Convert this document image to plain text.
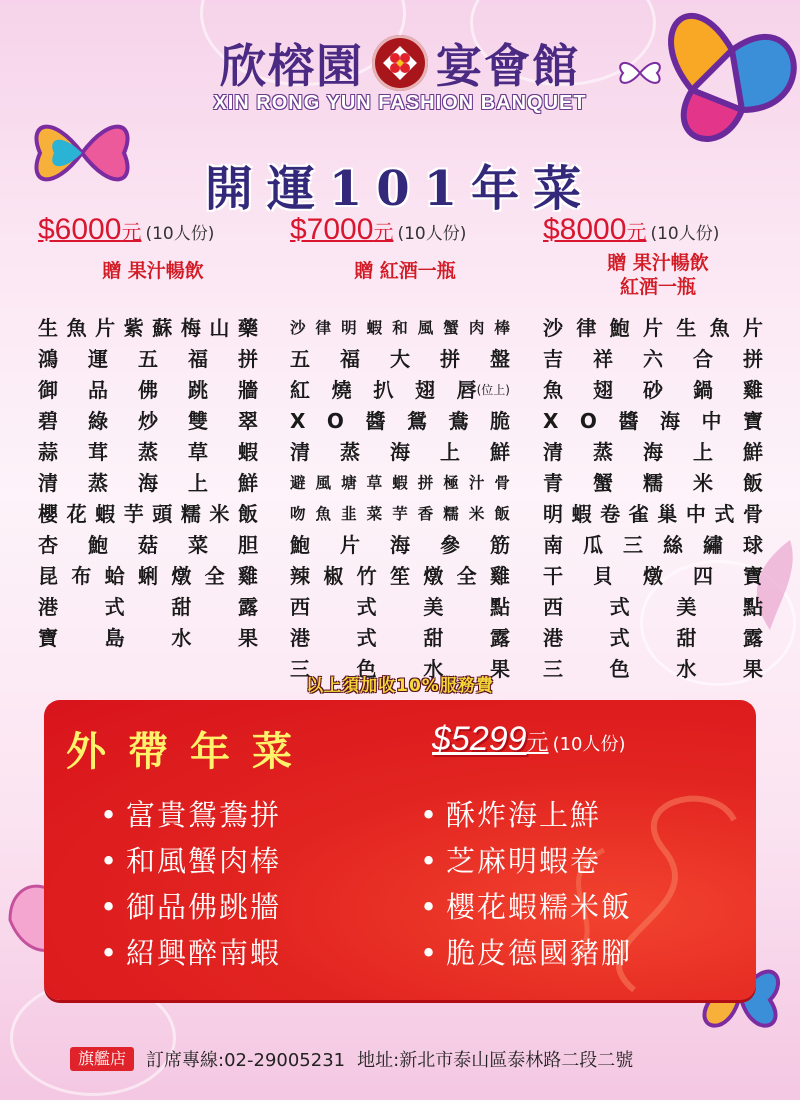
欣榕園 宴會館
XIN RONG YUN FASHION BANQUET
開運101年菜
$6000元 (10人份)
贈 果汁暢飲
生 魚 片 紫 蘇 梅 山 藥
鴻 運 五 福 拼
御 品 佛 跳 牆
碧 綠 炒 雙 翠
蒜 茸 蒸 草 蝦
清 蒸 海 上 鮮
櫻 花 蝦 芋 頭 糯 米 飯
杏 鮑 菇 菜 胆
昆 布 蛤 蜊 燉 全 雞
港 式 甜 露
寶 島 水 果
$7000元 (10人份)
贈 紅酒一瓶
沙 律 明 蝦 和 風 蟹 肉 棒
五 福 大 拼 盤
紅 燒 扒 翅 唇 (位上)
X O 醬 鴛 鴦 脆
清 蒸 海 上 鮮
避 風 塘 草 蝦 拼 極 汁 骨
吻 魚 韭 菜 芋 香 糯 米 飯
鮑 片 海 參 筋
辣 椒 竹 笙 燉 全 雞
西 式 美 點
港 式 甜 露
三 色 水 果
$8000元 (10人份)
贈 果汁暢飲
紅酒一瓶
沙 律 鮑 片 生 魚 片
吉 祥 六 合 拼
魚 翅 砂 鍋 雞
X O 醬 海 中 寶
清 蒸 海 上 鮮
青 蟹 糯 米 飯
明 蝦 卷 雀 巢 中 式 骨
南 瓜 三 絲 繡 球
干 貝 燉 四 寶
西 式 美 點
港 式 甜 露
三 色 水 果
以上須加收10%服務費
外帶年菜	$5299元 (10人份)
• 富貴鴛鴦拼	• 酥炸海上鮮
• 和風蟹肉棒	• 芝麻明蝦卷
• 御品佛跳牆	• 櫻花蝦糯米飯
• 紹興醉南蝦	• 脆皮德國豬腳
旗艦店	訂席專線:02-29005231 地址:新北市泰山區泰林路二段二號
